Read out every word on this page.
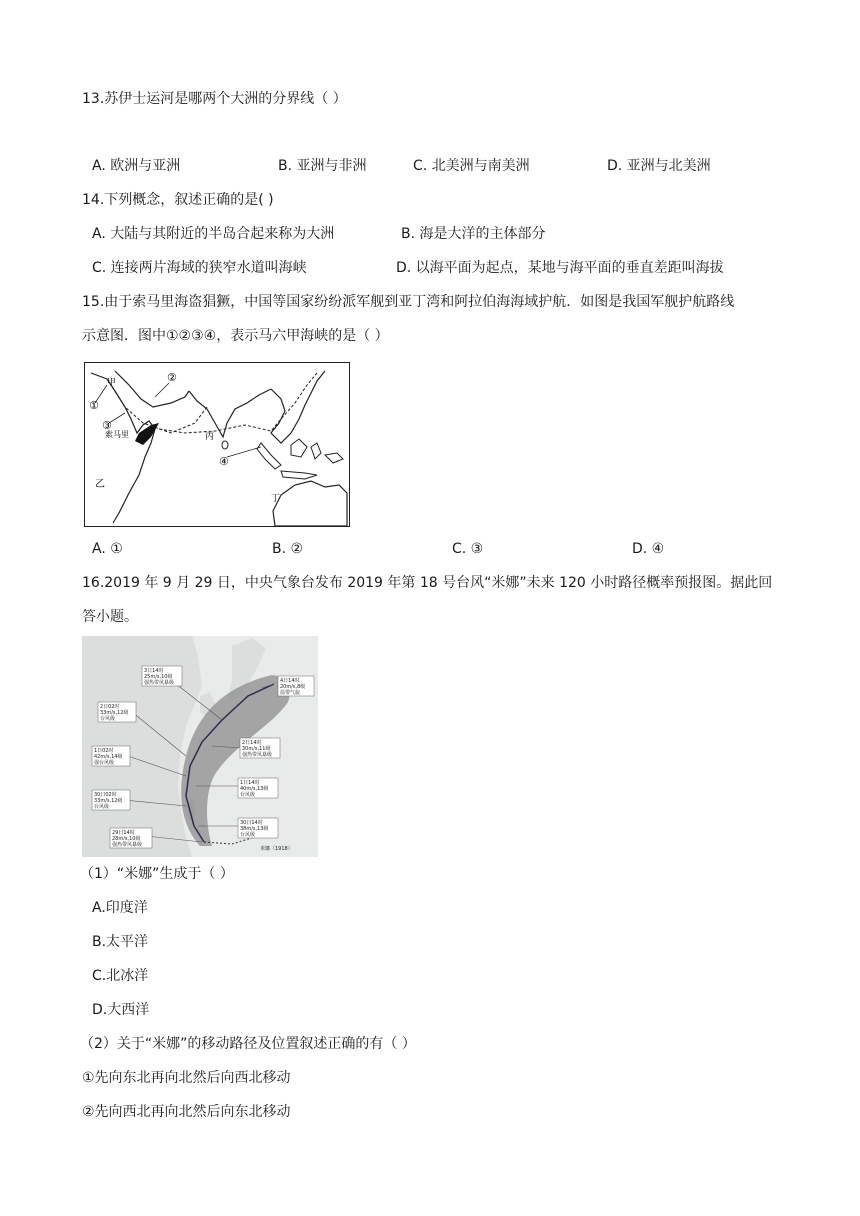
13.苏伊士运河是哪两个大洲的分界线（ ）
A. 欧洲与亚洲	B. 亚洲与非洲	C. 北美洲与南美洲	D. 亚洲与北美洲
14.下列概念，叙述正确的是( )
A. 大陆与其附近的半岛合起来称为大洲	B. 海是大洋的主体部分
C. 连接两片海域的狭窄水道叫海峡	D. 以海平面为起点，某地与海平面的垂直差距叫海拔
15.由于索马里海盗猖獗，中国等国家纷纷派军舰到亚丁湾和阿拉伯海海域护航．如图是我国军舰护航路线
示意图．图中①②③④，表示马六甲海峡的是（ ）
①
②
③
④
甲
乙
丙
丁
索马里
A. ①	B. ②	C. ③	D. ④
16.2019 年 9 月 29 日，中央气象台发布 2019 年第 18 号台风“米娜”未来 120 小时路径概率预报图。据此回
答小题。
3日14时
25m/s,10级
强热带风暴级	4日14时
20m/s,8级
温带气旋
2日02时
33m/s,12级
台风级
2日14时
30m/s,11级
强热带风暴级
1日02时
42m/s,14级
强台风级
1日14时
40m/s,13级
台风级
30日02时
33m/s,12级
台风级
30日14时
38m/s,13级
台风级
29日14时
28m/s,10级
强热带风暴级
米娜（1918）
（1）“米娜”生成于（ ）
A.印度洋
B.太平洋
C.北冰洋
D.大西洋
（2）关于“米娜”的移动路径及位置叙述正确的有（ ）
①先向东北再向北然后向西北移动
②先向西北再向北然后向东北移动
